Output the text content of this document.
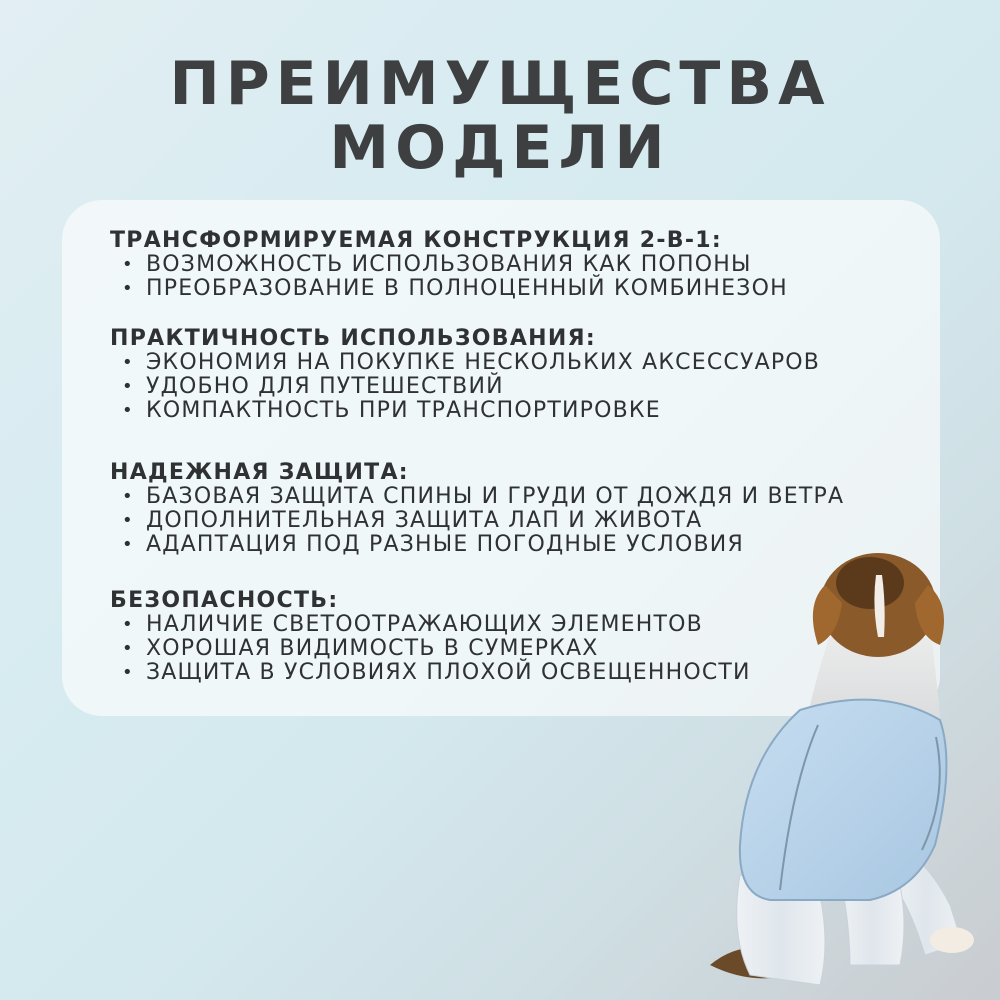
ПРЕИМУЩЕСТВА
МОДЕЛИ
ТРАНСФОРМИРУЕМАЯ КОНСТРУКЦИЯ 2-В-1:
• ВОЗМОЖНОСТЬ ИСПОЛЬЗОВАНИЯ КАК ПОПОНЫ
• ПРЕОБРАЗОВАНИЕ В ПОЛНОЦЕННЫЙ КОМБИНЕЗОН
ПРАКТИЧНОСТЬ ИСПОЛЬЗОВАНИЯ:
• ЭКОНОМИЯ НА ПОКУПКЕ НЕСКОЛЬКИХ АКСЕССУАРОВ
• УДОБНО ДЛЯ ПУТЕШЕСТВИЙ
• КОМПАКТНОСТЬ ПРИ ТРАНСПОРТИРОВКЕ
НАДЕЖНАЯ ЗАЩИТА:
• БАЗОВАЯ ЗАЩИТА СПИНЫ И ГРУДИ ОТ ДОЖДЯ И ВЕТРА
• ДОПОЛНИТЕЛЬНАЯ ЗАЩИТА ЛАП И ЖИВОТА
• АДАПТАЦИЯ ПОД РАЗНЫЕ ПОГОДНЫЕ УСЛОВИЯ
БЕЗОПАСНОСТЬ:
• НАЛИЧИЕ СВЕТООТРАЖАЮЩИХ ЭЛЕМЕНТОВ
• ХОРОШАЯ ВИДИМОСТЬ В СУМЕРКАХ
• ЗАЩИТА В УСЛОВИЯХ ПЛОХОЙ ОСВЕЩЕННОСТИ
